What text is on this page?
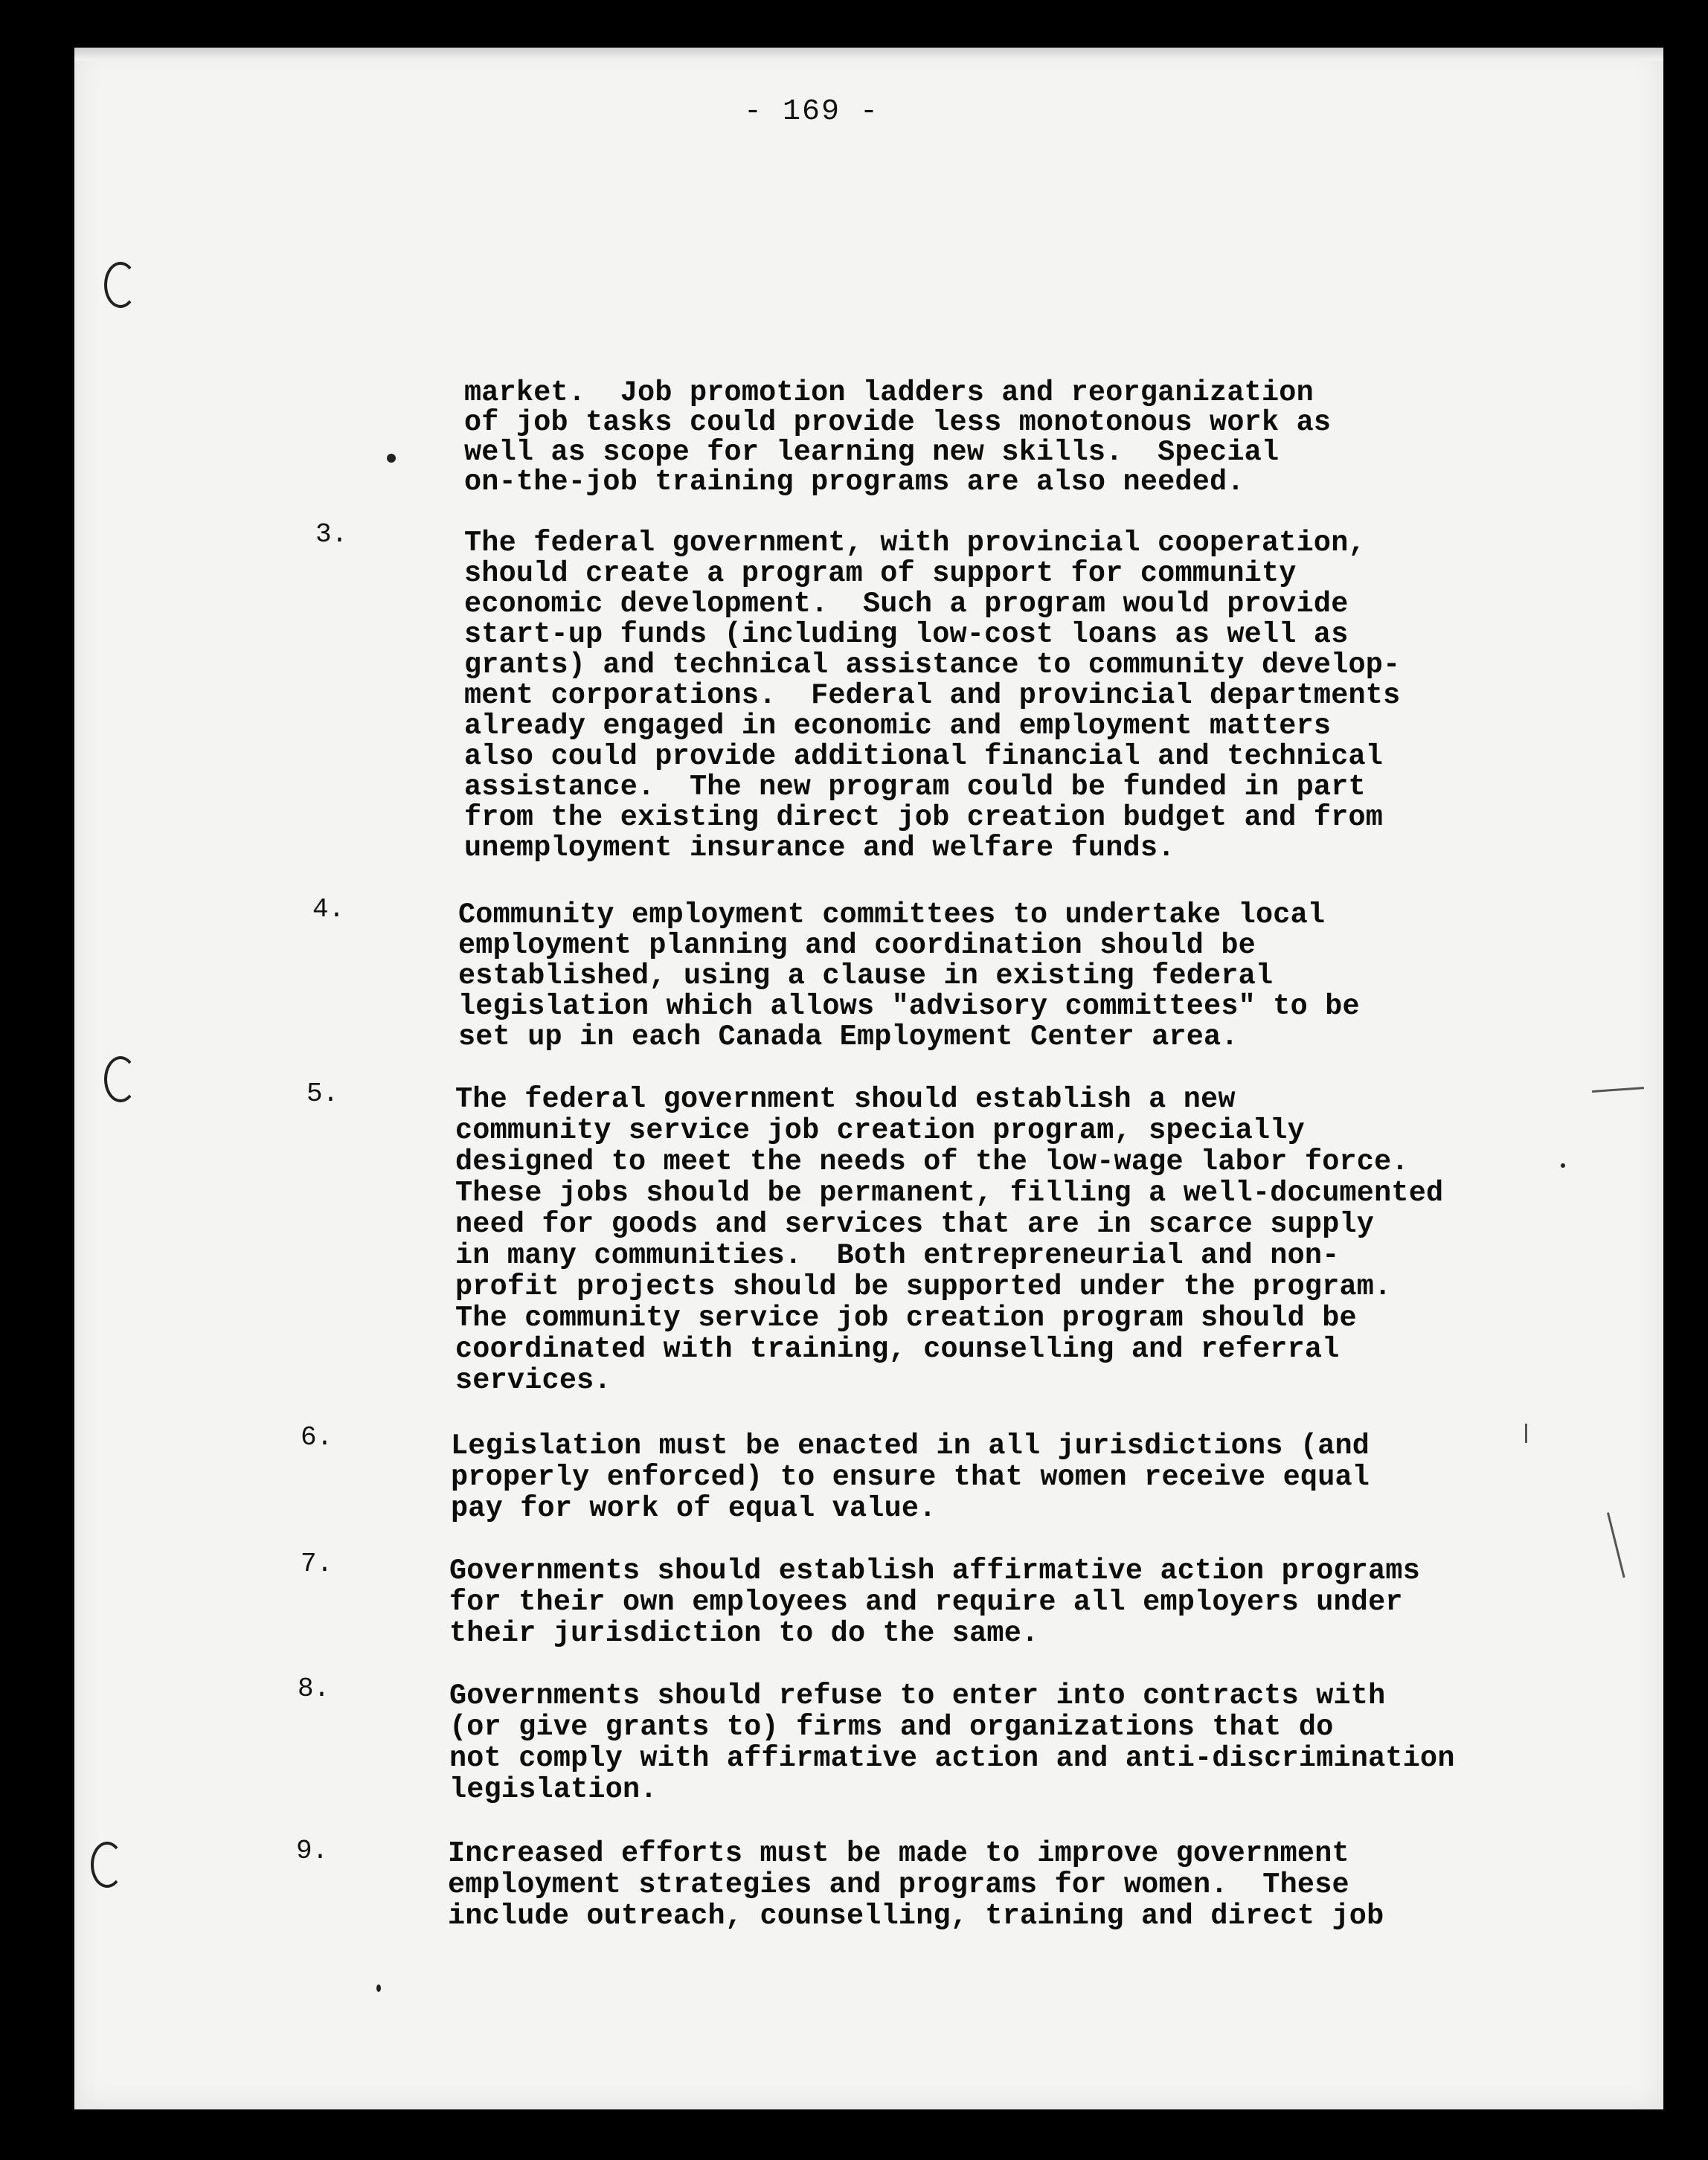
- 169 -
market.  Job promotion ladders and reorganization
of job tasks could provide less monotonous work as
well as scope for learning new skills.  Special
on-the-job training programs are also needed.
3.	The federal government, with provincial cooperation,
should create a program of support for community
economic development.  Such a program would provide
start-up funds (including low-cost loans as well as
grants) and technical assistance to community develop-
ment corporations.  Federal and provincial departments
already engaged in economic and employment matters
also could provide additional financial and technical
assistance.  The new program could be funded in part
from the existing direct job creation budget and from
unemployment insurance and welfare funds.
4.	Community employment committees to undertake local
employment planning and coordination should be
established, using a clause in existing federal
legislation which allows "advisory committees" to be
set up in each Canada Employment Center area.
5.	The federal government should establish a new
community service job creation program, specially
designed to meet the needs of the low-wage labor force.
These jobs should be permanent, filling a well-documented
need for goods and services that are in scarce supply
in many communities.  Both entrepreneurial and non-
profit projects should be supported under the program.
The community service job creation program should be
coordinated with training, counselling and referral
services.
6.	Legislation must be enacted in all jurisdictions (and
properly enforced) to ensure that women receive equal
pay for work of equal value.
7.	Governments should establish affirmative action programs
for their own employees and require all employers under
their jurisdiction to do the same.
8.	Governments should refuse to enter into contracts with
(or give grants to) firms and organizations that do
not comply with affirmative action and anti-discrimination
legislation.
9.	Increased efforts must be made to improve government
employment strategies and programs for women.  These
include outreach, counselling, training and direct job
